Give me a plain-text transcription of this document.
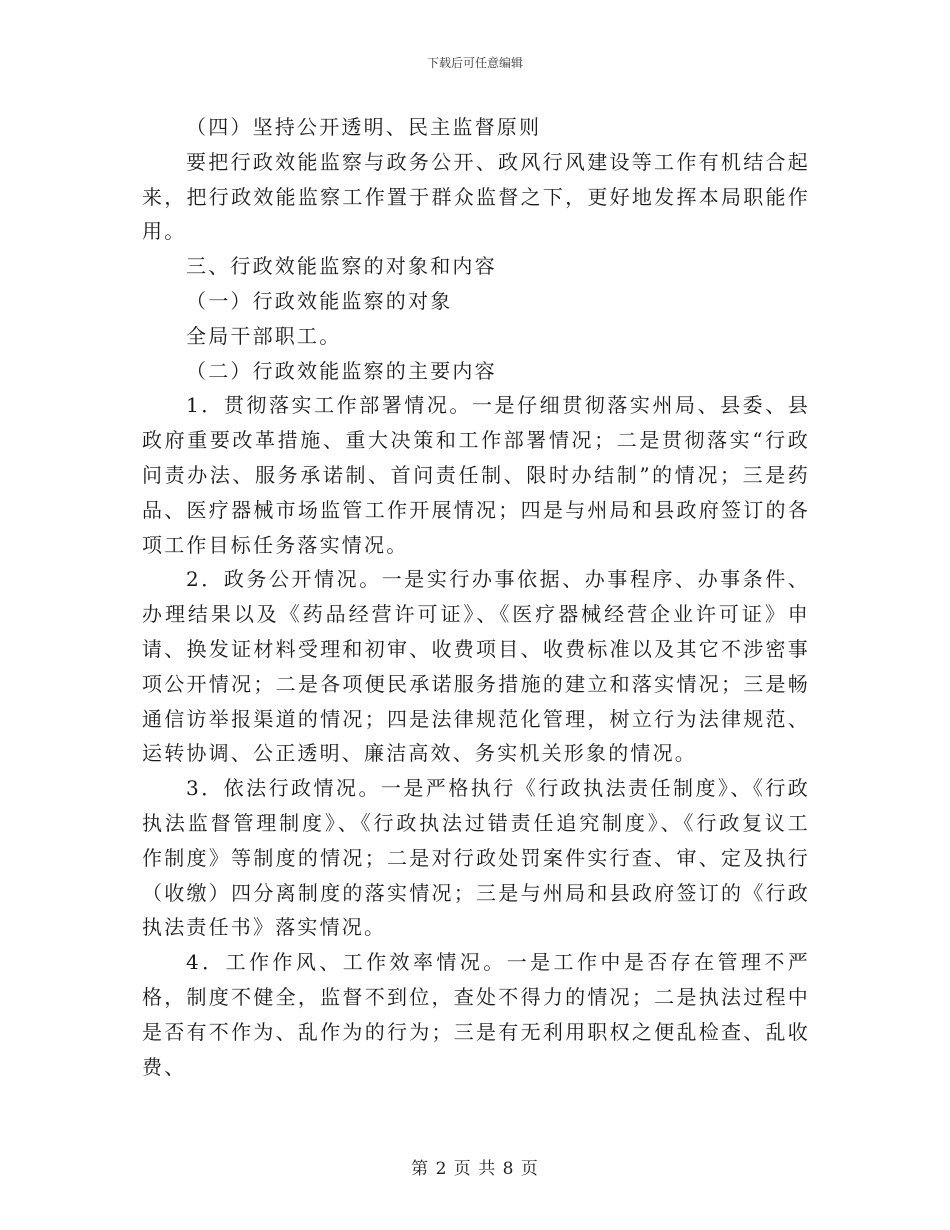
下载后可任意编辑

（四）坚持公开透明、民主监督原则

要把行政效能监察与政务公开、政风行风建设等工作有机结合起来，把行政效能监察工作置于群众监督之下，更好地发挥本局职能作用。

三、行政效能监察的对象和内容

（一）行政效能监察的对象

全局干部职工。

（二）行政效能监察的主要内容

1．贯彻落实工作部署情况。一是仔细贯彻落实州局、县委、县政府重要改革措施、重大决策和工作部署情况；二是贯彻落实“行政问责办法、服务承诺制、首问责任制、限时办结制”的情况；三是药品、医疗器械市场监管工作开展情况；四是与州局和县政府签订的各项工作目标任务落实情况。

2．政务公开情况。一是实行办事依据、办事程序、办事条件、办理结果以及《药品经营许可证》、《医疗器械经营企业许可证》申请、换发证材料受理和初审、收费项目、收费标准以及其它不涉密事项公开情况；二是各项便民承诺服务措施的建立和落实情况；三是畅通信访举报渠道的情况；四是法律规范化管理，树立行为法律规范、运转协调、公正透明、廉洁高效、务实机关形象的情况。

3．依法行政情况。一是严格执行《行政执法责任制度》、《行政执法监督管理制度》、《行政执法过错责任追究制度》、《行政复议工作制度》等制度的情况；二是对行政处罚案件实行查、审、定及执行（收缴）四分离制度的落实情况；三是与州局和县政府签订的《行政执法责任书》落实情况。

4．工作作风、工作效率情况。一是工作中是否存在管理不严格，制度不健全，监督不到位，查处不得力的情况；二是执法过程中是否有不作为、乱作为的行为；三是有无利用职权之便乱检查、乱收费、

第 2 页 共 8 页
